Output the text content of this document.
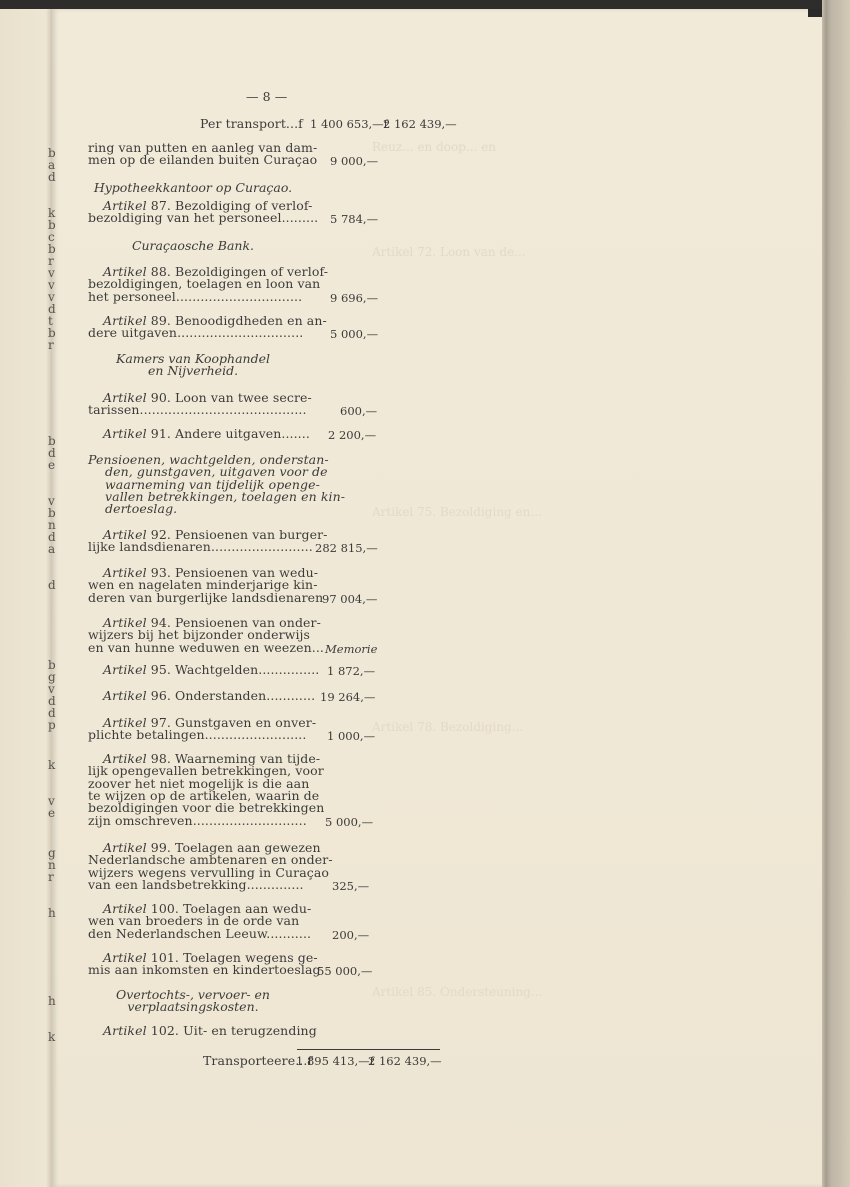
Reuz... en doop... en
Artikel 72. Loon van de...
Artikel 75. Bezoldiging en...
Artikel 78. Bezoldiging...
Artikel 85. Ondersteuning...
— 8 —
Per transport...f 1 400 653,—f
2 162 439,—
b
a
d
k
b
c
b
r
v
v
v
d
t
b
r
b
d
e
v
b
n
d
a
d
b
g
v
d
d
p
k
v
e
g
n
r
h
h
k
ring van putten en aanleg van dam-
men op de eilanden buiten Curaçao 9 000,—
Hypotheekkantoor op Curaçao.
Artikel 87. Bezoldiging of verlof-
bezoldiging van het personeel......... 5 784,—
Curaçaosche Bank.
Artikel 88. Bezoldigingen of verlof-
bezoldigingen, toelagen en loon van
het personeel............................... 9 696,—
Artikel 89. Benoodigdheden en an-
dere uitgaven............................... 5 000,—
Kamers van Koophandel
en Nijverheid.
Artikel 90. Loon van twee secre-
tarissen.........................................	600,—
Artikel 91. Andere uitgaven....... 2 200,—
Pensioenen, wachtgelden, onderstan-
den, gunstgaven, uitgaven voor de
waarneming van tijdelijk openge-
vallen betrekkingen, toelagen en kin-
dertoeslag.
Artikel 92. Pensioenen van burger-
lijke landsdienaren......................... 282 815,—
Artikel 93. Pensioenen van wedu-
wen en nagelaten minderjarige kin-
deren van burgerlijke landsdienaren
97 004,—
Artikel 94. Pensioenen van onder-
wijzers bij het bijzonder onderwijs
en van hunne weduwen en weezen... Memorie
Artikel 95. Wachtgelden............... 1 872,—
Artikel 96. Onderstanden............ 19 264,—
Artikel 97. Gunstgaven en onver-
plichte betalingen......................... 1 000,—
Artikel 98. Waarneming van tijde-
lijk opengevallen betrekkingen, voor
zoover het niet mogelijk is die aan
te wijzen op de artikelen, waarin de
bezoldigingen voor die betrekkingen
zijn omschreven............................ 5 000,—
Artikel 99. Toelagen aan gewezen
Nederlandsche ambtenaren en onder-
wijzers wegens vervulling in Curaçao
van een landsbetrekking.............. 325,—
Artikel 100. Toelagen aan wedu-
wen van broeders in de orde van
den Nederlandschen Leeuw........... 200,—
Artikel 101. Toelagen wegens ge-
mis aan inkomsten en kindertoeslag
55 000,—
Overtochts-, vervoer- en
verplaatsingskosten.
Artikel 102. Uit- en terugzending
Transporteere...f
1 895 413,—f
2 162 439,—
